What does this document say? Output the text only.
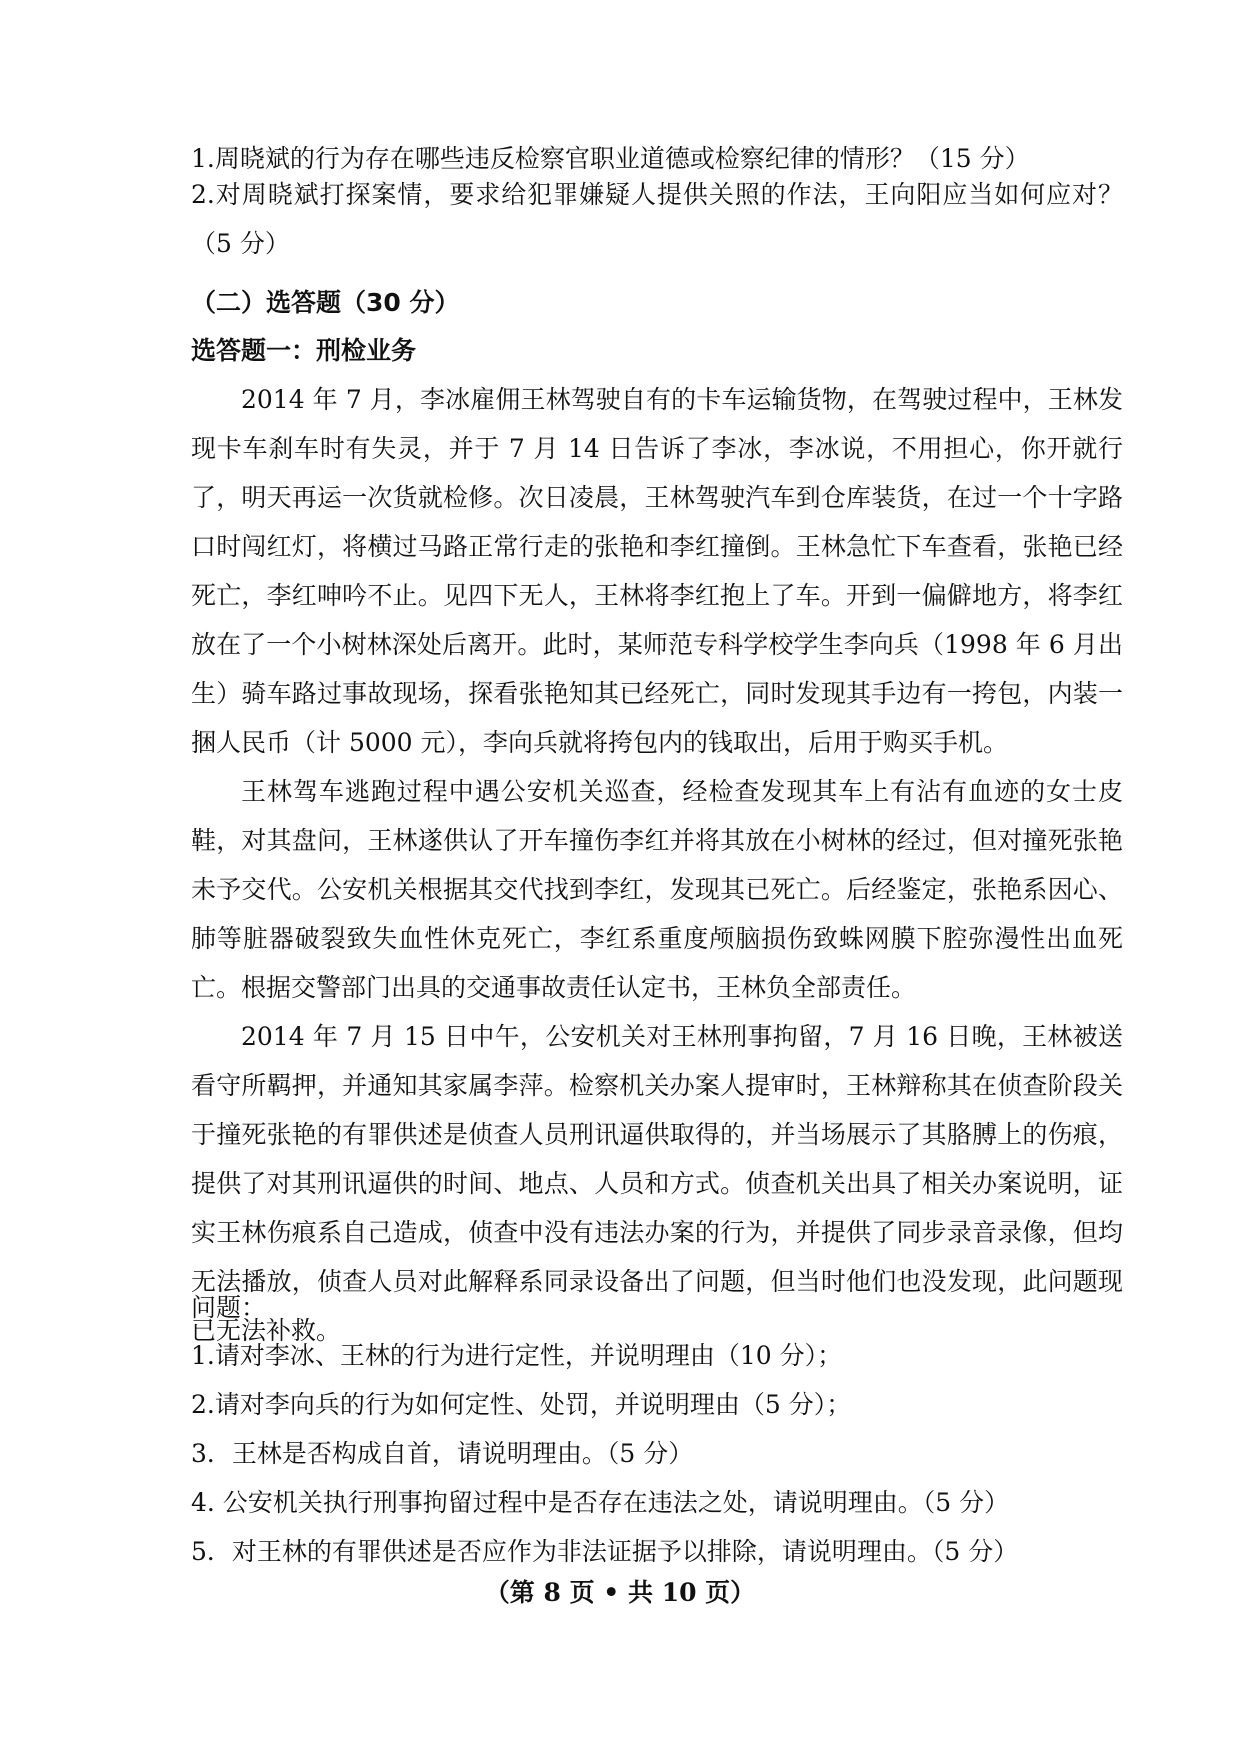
1.周晓斌的行为存在哪些违反检察官职业道德或检察纪律的情形？（15 分）
2.对周晓斌打探案情，要求给犯罪嫌疑人提供关照的作法，王向阳应当如何应对？（5 分）
（二）选答题（30 分）
选答题一：刑检业务
2014 年 7 月，李冰雇佣王林驾驶自有的卡车运输货物，在驾驶过程中，王林发现卡车刹车时有失灵，并于 7 月 14 日告诉了李冰，李冰说，不用担心，你开就行了，明天再运一次货就检修。次日凌晨，王林驾驶汽车到仓库装货，在过一个十字路口时闯红灯，将横过马路正常行走的张艳和李红撞倒。王林急忙下车查看，张艳已经死亡，李红呻吟不止。见四下无人，王林将李红抱上了车。开到一偏僻地方，将李红放在了一个小树林深处后离开。此时，某师范专科学校学生李向兵（1998 年 6 月出生）骑车路过事故现场，探看张艳知其已经死亡，同时发现其手边有一挎包，内装一捆人民币（计 5000 元），李向兵就将挎包内的钱取出，后用于购买手机。
王林驾车逃跑过程中遇公安机关巡查，经检查发现其车上有沾有血迹的女士皮鞋，对其盘问，王林遂供认了开车撞伤李红并将其放在小树林的经过，但对撞死张艳未予交代。公安机关根据其交代找到李红，发现其已死亡。后经鉴定，张艳系因心、肺等脏器破裂致失血性休克死亡，李红系重度颅脑损伤致蛛网膜下腔弥漫性出血死亡。根据交警部门出具的交通事故责任认定书，王林负全部责任。
2014 年 7 月 15 日中午，公安机关对王林刑事拘留，7 月 16 日晚，王林被送看守所羁押，并通知其家属李萍。检察机关办案人提审时，王林辩称其在侦查阶段关于撞死张艳的有罪供述是侦查人员刑讯逼供取得的，并当场展示了其胳膊上的伤痕，提供了对其刑讯逼供的时间、地点、人员和方式。侦查机关出具了相关办案说明，证实王林伤痕系自己造成，侦查中没有违法办案的行为，并提供了同步录音录像，但均无法播放，侦查人员对此解释系同录设备出了问题，但当时他们也没发现，此问题现已无法补救。
问题：
1.请对李冰、王林的行为进行定性，并说明理由（10 分）；
2.请对李向兵的行为如何定性、处罚，并说明理由（5 分）；
3．王林是否构成自首，请说明理由。（5 分）
4. 公安机关执行刑事拘留过程中是否存在违法之处，请说明理由。（5 分）
5．对王林的有罪供述是否应作为非法证据予以排除，请说明理由。（5 分）
（第 8 页 • 共 10 页）
